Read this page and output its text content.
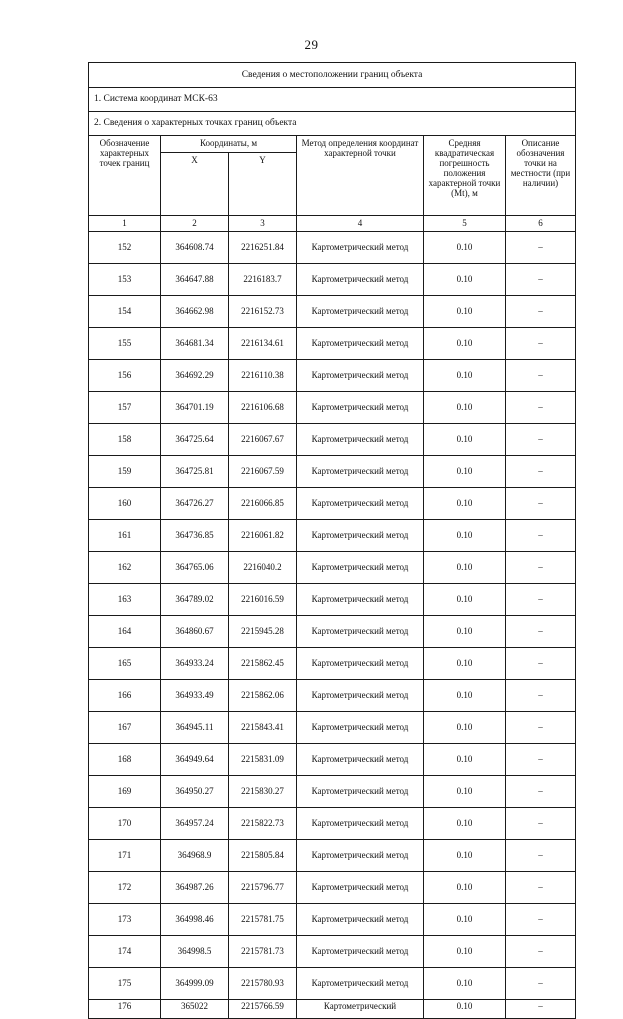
29
Сведения о местоположении границ объекта					
1. Система координат МСК-63					
2. Сведения о характерных точках границ объекта					
Обозначение характерных точек границ	Координаты, м		Метод определения координат характерной точки	Средняя квадратическая погрешность положения характерной точки (Mt), м	Описание обозначения точки на местности (при наличии)
	X	Y			
1	2	3	4	5	6
152	364608.74	2216251.84	Картометрический метод	0.10	–
153	364647.88	2216183.7	Картометрический метод	0.10	–
154	364662.98	2216152.73	Картометрический метод	0.10	–
155	364681.34	2216134.61	Картометрический метод	0.10	–
156	364692.29	2216110.38	Картометрический метод	0.10	–
157	364701.19	2216106.68	Картометрический метод	0.10	–
158	364725.64	2216067.67	Картометрический метод	0.10	–
159	364725.81	2216067.59	Картометрический метод	0.10	–
160	364726.27	2216066.85	Картометрический метод	0.10	–
161	364736.85	2216061.82	Картометрический метод	0.10	–
162	364765.06	2216040.2	Картометрический метод	0.10	–
163	364789.02	2216016.59	Картометрический метод	0.10	–
164	364860.67	2215945.28	Картометрический метод	0.10	–
165	364933.24	2215862.45	Картометрический метод	0.10	–
166	364933.49	2215862.06	Картометрический метод	0.10	–
167	364945.11	2215843.41	Картометрический метод	0.10	–
168	364949.64	2215831.09	Картометрический метод	0.10	–
169	364950.27	2215830.27	Картометрический метод	0.10	–
170	364957.24	2215822.73	Картометрический метод	0.10	–
171	364968.9	2215805.84	Картометрический метод	0.10	–
172	364987.26	2215796.77	Картометрический метод	0.10	–
173	364998.46	2215781.75	Картометрический метод	0.10	–
174	364998.5	2215781.73	Картометрический метод	0.10	–
175	364999.09	2215780.93	Картометрический метод	0.10	–
176	365022	2215766.59	Картометрический	0.10	–
